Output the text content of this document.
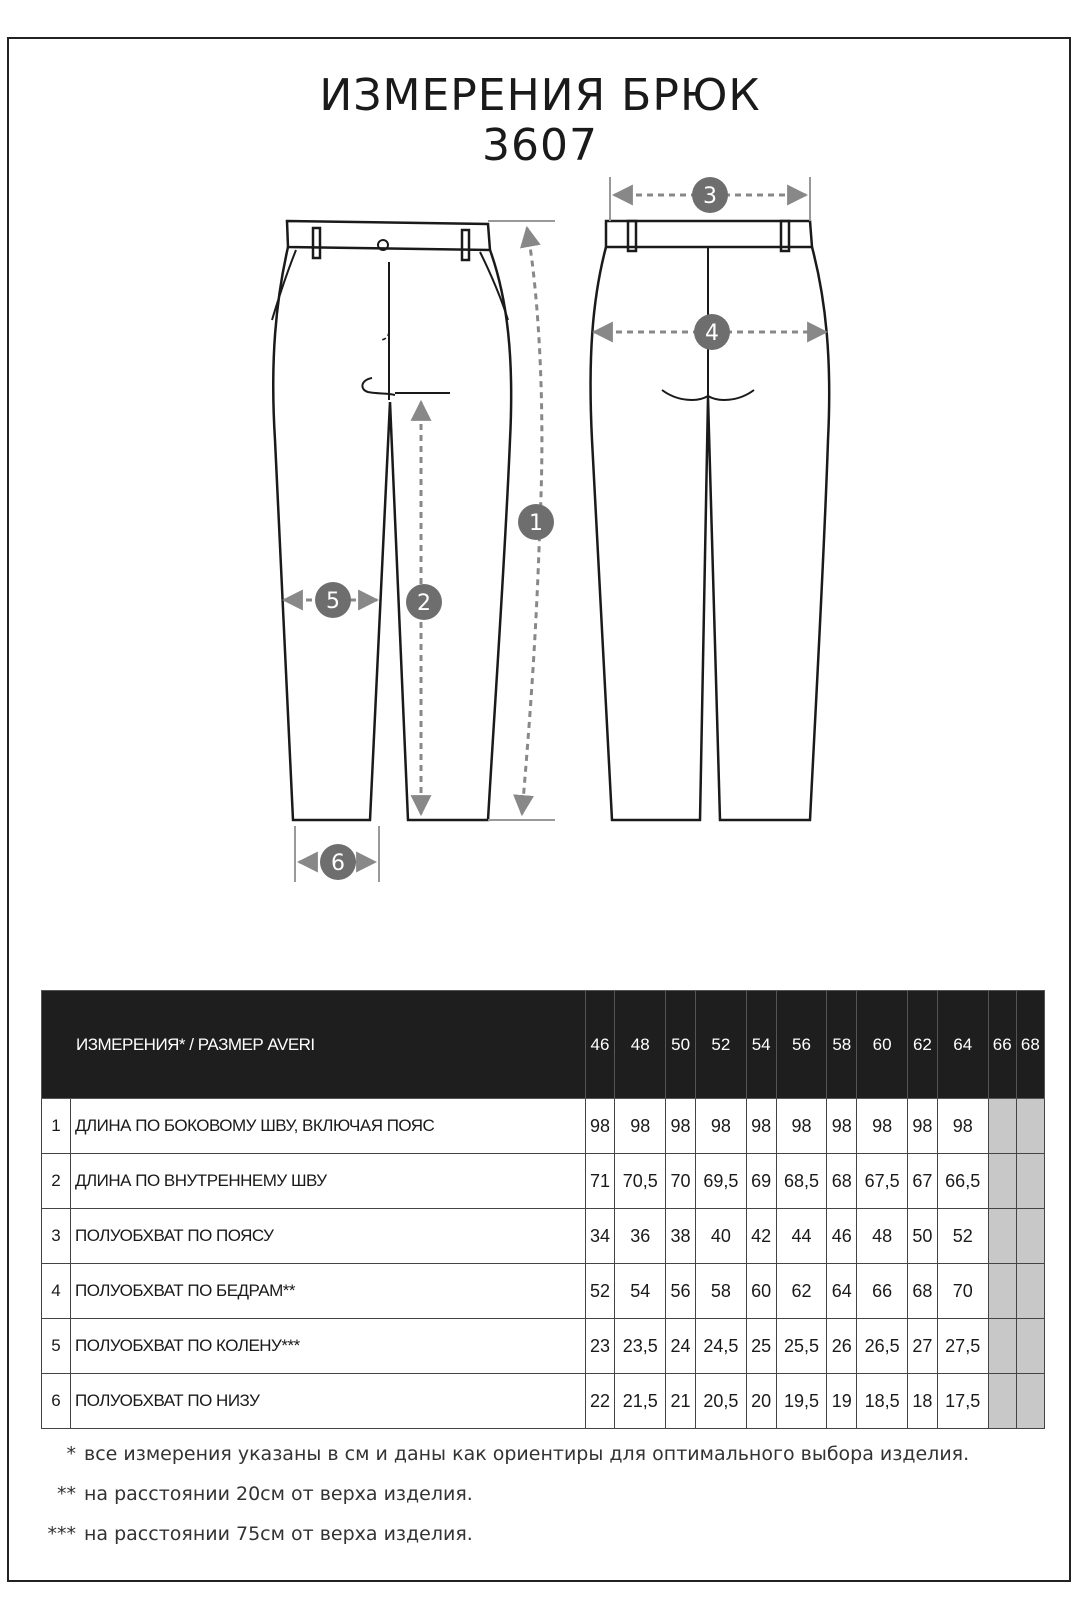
ИЗМЕРЕНИЯ БРЮК
3607
1
2
3
4
5
6
ИЗМЕРЕНИЯ* / РАЗМЕР AVERI		46	48	50	52	54	56	58	60	62	64	66	68
1	ДЛИНА ПО БОКОВОМУ ШВУ, ВКЛЮЧАЯ ПОЯС	98	98	98	98	98	98	98	98	98	98		
2	ДЛИНА ПО ВНУТРЕННЕМУ ШВУ	71	70,5	70	69,5	69	68,5	68	67,5	67	66,5		
3	ПОЛУОБХВАТ ПО ПОЯСУ	34	36	38	40	42	44	46	48	50	52		
4	ПОЛУОБХВАТ ПО БЕДРАМ**	52	54	56	58	60	62	64	66	68	70		
5	ПОЛУОБХВАТ ПО КОЛЕНУ***	23	23,5	24	24,5	25	25,5	26	26,5	27	27,5		
6	ПОЛУОБХВАТ ПО НИЗУ	22	21,5	21	20,5	20	19,5	19	18,5	18	17,5		
* все измерения указаны в см и даны как ориентиры для оптимального выбора изделия.
** на расстоянии 20см от верха изделия.
*** на расстоянии 75см от верха изделия.
